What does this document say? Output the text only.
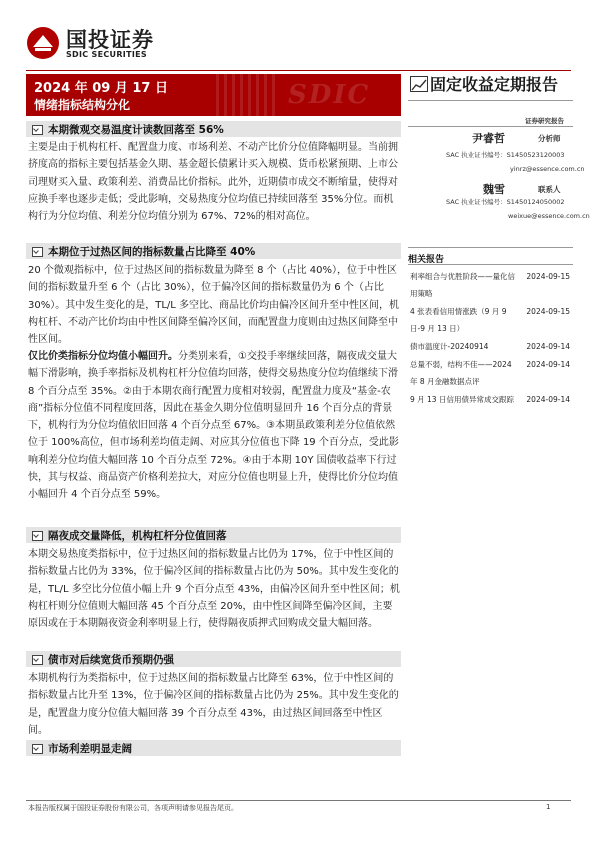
国投证券
SDIC SECURITIES
SDIC
2024 年 09 月 17 日
情绪指标结构分化
固定收益定期报告
证券研究报告
尹睿哲	分析师
SAC 执业证书编号：S1450523120003
yinrz@essence.com.cn
魏雪	联系人
SAC 执业证书编号：S1450124050002
weixue@essence.com.cn
相关报告
利率组合与优胜阶段——量化信用策略
2024-09-15
4 张表看信用情涨跌（9 月 9 日-9 月 13 日）
2024-09-15
债市温度计-20240914	2024-09-14
总量不弱，结构不佳——2024 年 8 月金融数据点评
2024-09-14
9 月 13 日信用债异常成交跟踪	2024-09-14
本期微观交易温度计读数回落至 56%

主要是由于机构杠杆、配置盘力度、市场利差、不动产比价分位值降幅明显。当前拥挤度高的指标主要包括基金久期、基金超长债累计买入规模、货币松紧预期、上市公司理财买入量、政策利差、消费品比价指标。此外，近期债市成交不断缩量，使得对应换手率也逐步走低；受此影响，交易热度分位均值已持续回落至 35%分位。而机构行为分位均值、利差分位均值分别为 67%、72%的相对高位。

本期位于过热区间的指标数量占比降至 40%

20 个微观指标中，位于过热区间的指标数量为降至 8 个（占比 40%），位于中性区间的指标数量升至 6 个（占比 30%），位于偏冷区间的指标数量仍为 6 个（占比 30%）。其中发生变化的是，TL/L 多空比、商品比价均由偏冷区间升至中性区间，机构杠杆、不动产比价均由中性区间降至偏冷区间，而配置盘力度则由过热区间降至中性区间。

仅比价类指标分位均值小幅回升。分类别来看，①交投手率继续回落，隔夜成交量大幅下滑影响，换手率指标及机构杠杆分位值均回落，使得交易热度分位均值继续下滑 8 个百分点至 35%。②由于本期农商行配置力度相对较弱，配置盘力度及“基金-农商”指标分位值不同程度回落，因此在基金久期分位值明显回升 16 个百分点的背景下，机构行为分位均值依旧回落 4 个百分点至 67%。③本期虽政策利差分位值依然位于 100%高位，但市场利差均值走阔、对应其分位值也下降 19 个百分点，受此影响利差分位均值大幅回落 10 个百分点至 72%。④由于本期 10Y 国债收益率下行过快，其与权益、商品资产价格利差拉大，对应分位值也明显上升，使得比价分位均值小幅回升 4 个百分点至 59%。

隔夜成交量降低，机构杠杆分位值回落

本期交易热度类指标中，位于过热区间的指标数量占比仍为 17%，位于中性区间的指标数量占比仍为 33%，位于偏冷区间的指标数量占比仍为 50%。其中发生变化的是，TL/L 多空比分位值小幅上升 9 个百分点至 43%，由偏冷区间升至中性区间；机构杠杆则分位值则大幅回落 45 个百分点至 20%，由中性区间降至偏冷区间，主要原因或在于本期隔夜资金利率明显上行，使得隔夜质押式回购成交量大幅回落。

债市对后续宽货币预期仍强

本期机构行为类指标中，位于过热区间的指标数量占比降至 63%，位于中性区间的指标数量占比升至 13%，位于偏冷区间的指标数量占比仍为 25%。其中发生变化的是，配置盘力度分位值大幅回落 39 个百分点至 43%，由过热区间回落至中性区间。

市场利差明显走阔
本报告版权属于国投证券股份有限公司，各项声明请参见报告尾页。	1
